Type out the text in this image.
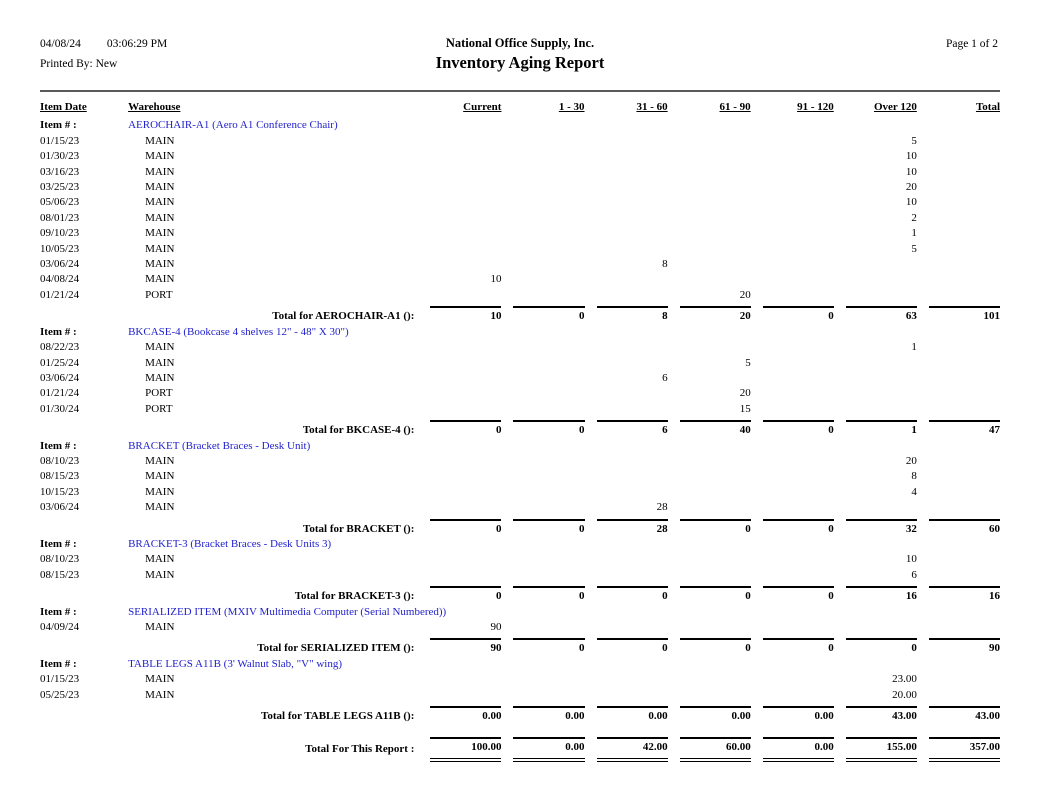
04/08/24 03:06:29 PM
Printed By: New
National Office Supply, Inc.
Inventory Aging Report
Page 1 of 2
Item Date	Warehouse	Current	1 - 30	31 - 60	61 - 90	91 - 120	Over 120	Total
Item # :	AEROCHAIR-A1 (Aero A1 Conference Chair)							
01/15/23	MAIN						5	
01/30/23	MAIN						10	
03/16/23	MAIN						10	
03/25/23	MAIN						20	
05/06/23	MAIN						10	
08/01/23	MAIN						2	
09/10/23	MAIN						1	
10/05/23	MAIN						5	
03/06/24	MAIN			8				
04/08/24	MAIN	10						
01/21/24	PORT				20			
Total for AEROCHAIR-A1 ():		10	0	8	20	0	63	101

Item # :	BKCASE-4 (Bookcase 4 shelves 12" - 48" X 30")							
08/22/23	MAIN						1	
01/25/24	MAIN				5			
03/06/24	MAIN			6				
01/21/24	PORT				20			
01/30/24	PORT				15			
Total for BKCASE-4 ():		0	0	6	40	0	1	47

Item # :	BRACKET (Bracket Braces - Desk Unit)							
08/10/23	MAIN						20	
08/15/23	MAIN						8	
10/15/23	MAIN						4	
03/06/24	MAIN			28				
Total for BRACKET ():		0	0	28	0	0	32	60

Item # :	BRACKET-3 (Bracket Braces - Desk Units 3)							
08/10/23	MAIN						10	
08/15/23	MAIN						6	
Total for BRACKET-3 ():		0	0	0	0	0	16	16

Item # :	SERIALIZED ITEM (MXIV Multimedia Computer (Serial Numbered))							
04/09/24	MAIN	90						
Total for SERIALIZED ITEM ():		90	0	0	0	0	0	90

Item # :	TABLE LEGS A11B (3' Walnut Slab, "V" wing)							
01/15/23	MAIN						23.00	
05/25/23	MAIN						20.00	
Total for TABLE LEGS A11B ():		0.00	0.00	0.00	0.00	0.00	43.00	43.00

Total For This Report :		100.00	0.00	42.00	60.00	0.00	155.00	357.00
